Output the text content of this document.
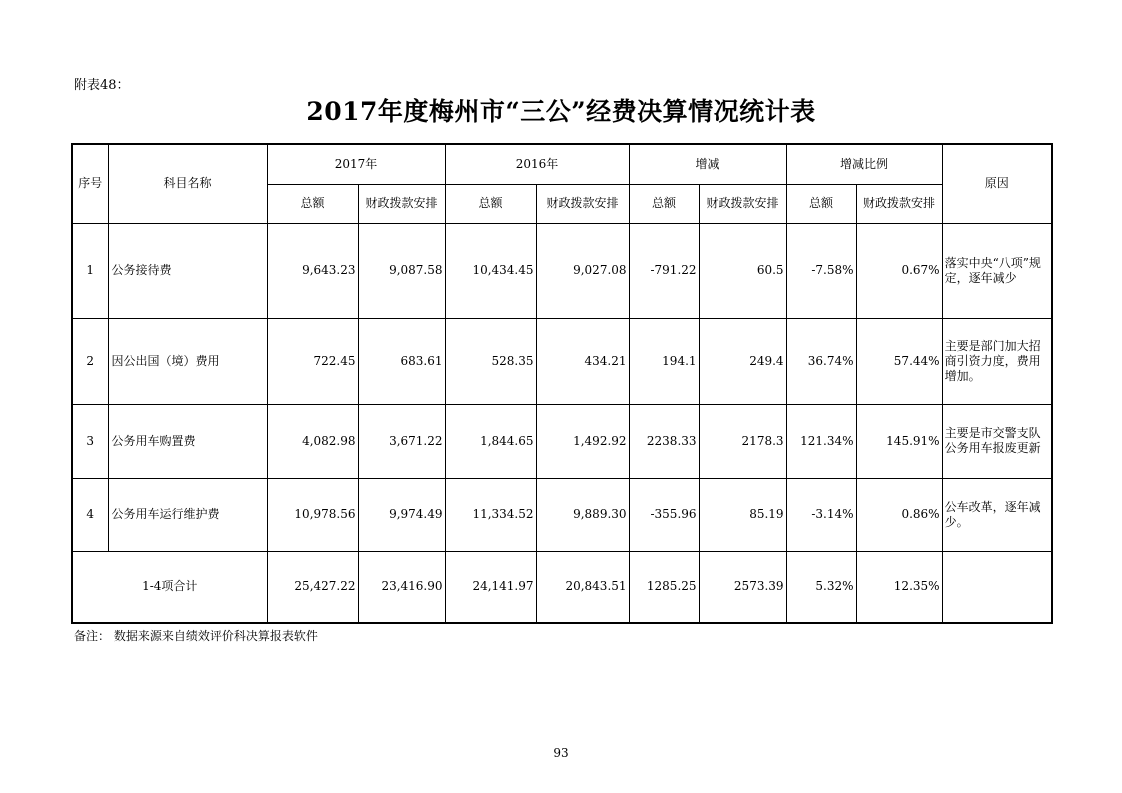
附表48：
2017年度梅州市“三公”经费决算情况统计表
序号	科目名称	2017年		2016年		增减		增减比例		原因
		总额	财政拨款安排	总额	财政拨款安排	总额	财政拨款安排	总额	财政拨款安排	
1	公务接待费	9,643.23	9,087.58	10,434.45	9,027.08	-791.22	60.5	-7.58%	0.67%	落实中央“八项”规定，逐年减少
2	因公出国（境）费用	722.45	683.61	528.35	434.21	194.1	249.4	36.74%	57.44%	主要是部门加大招商引资力度，费用增加。
3	公务用车购置费	4,082.98	3,671.22	1,844.65	1,492.92	2238.33	2178.3	121.34%	145.91%	主要是市交警支队公务用车报废更新
4	公务用车运行维护费	10,978.56	9,974.49	11,334.52	9,889.30	-355.96	85.19	-3.14%	0.86%	公车改革，逐年减少。
1-4项合计		25,427.22	23,416.90	24,141.97	20,843.51	1285.25	2573.39	5.32%	12.35%	
备注： 数据来源来自绩效评价科决算报表软件
93
